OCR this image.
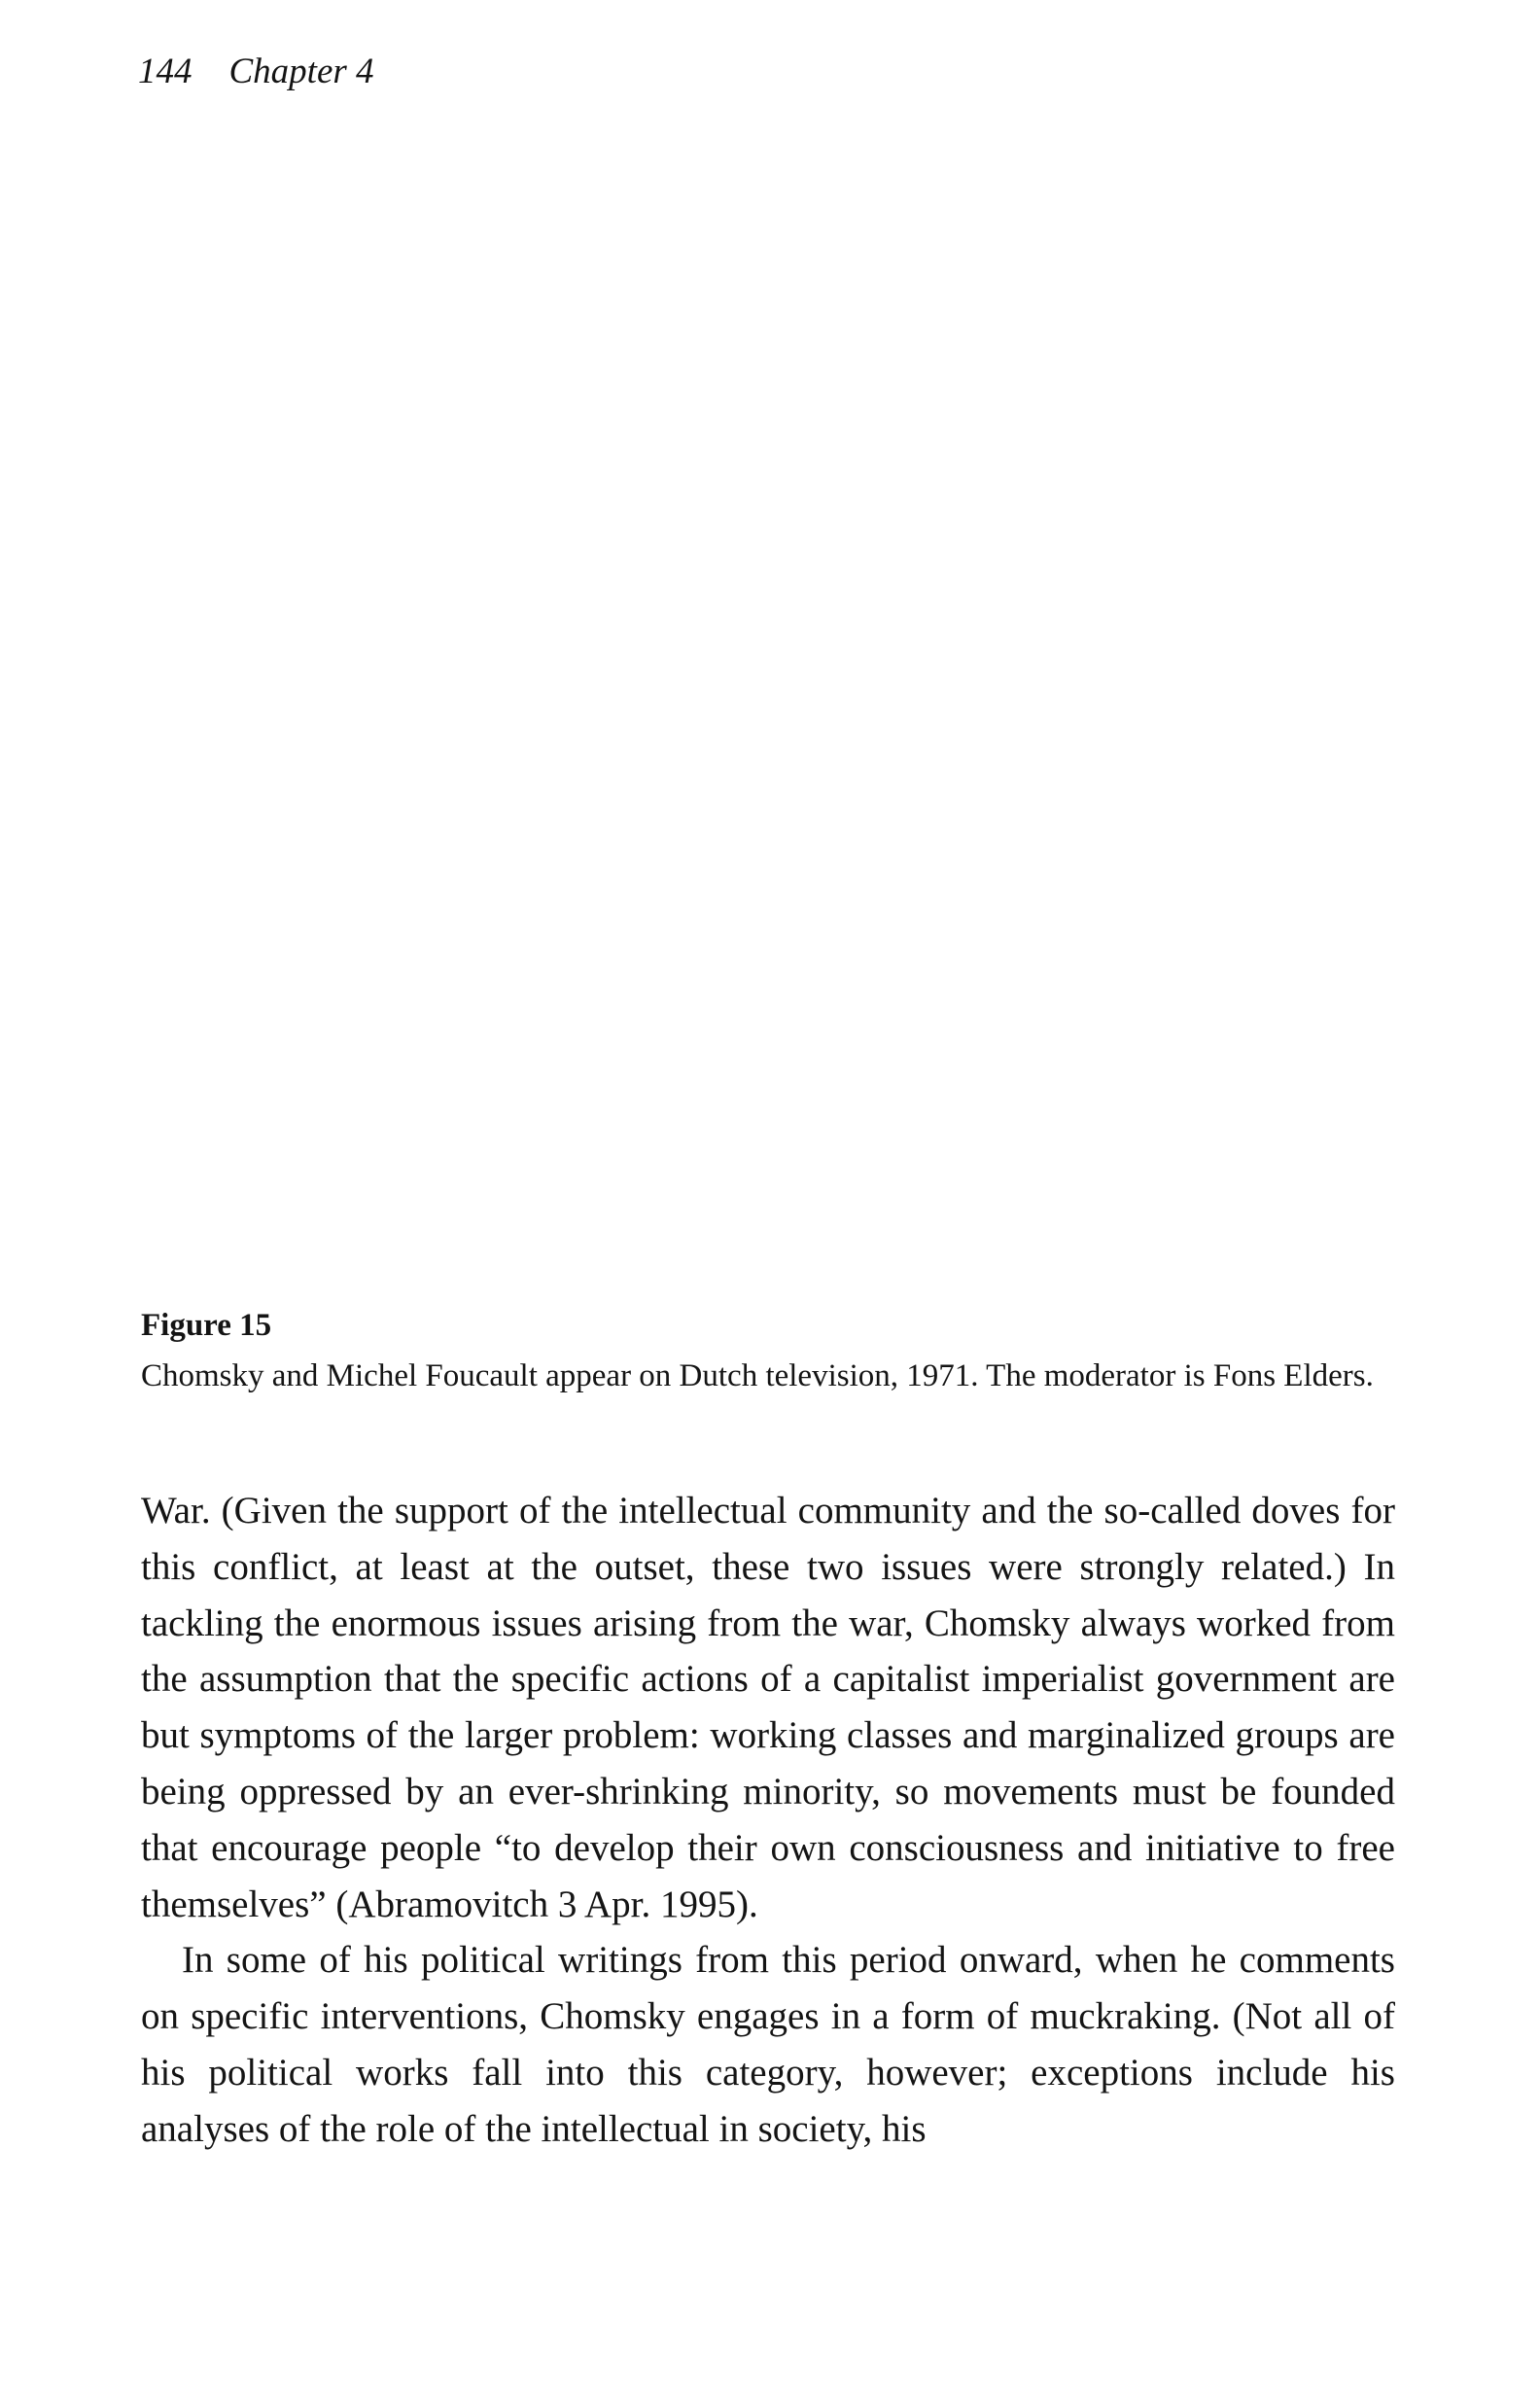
144 Chapter 4
Figure 15
Chomsky and Michel Foucault appear on Dutch television, 1971. The moderator is Fons Elders.

War. (Given the support of the intellectual community and the so-called doves for this conflict, at least at the outset, these two issues were strongly related.) In tackling the enormous issues arising from the war, Chomsky always worked from the assumption that the specific actions of a capitalist imperialist government are but symptoms of the larger problem: working classes and marginalized groups are being oppressed by an ever-shrinking minority, so movements must be founded that encourage people “to develop their own consciousness and initiative to free themselves” (Abramovitch 3 Apr. 1995).

In some of his political writings from this period onward, when he comments on specific interventions, Chomsky engages in a form of muckraking. (Not all of his political works fall into this category, however; exceptions include his analyses of the role of the intellectual in society, his
